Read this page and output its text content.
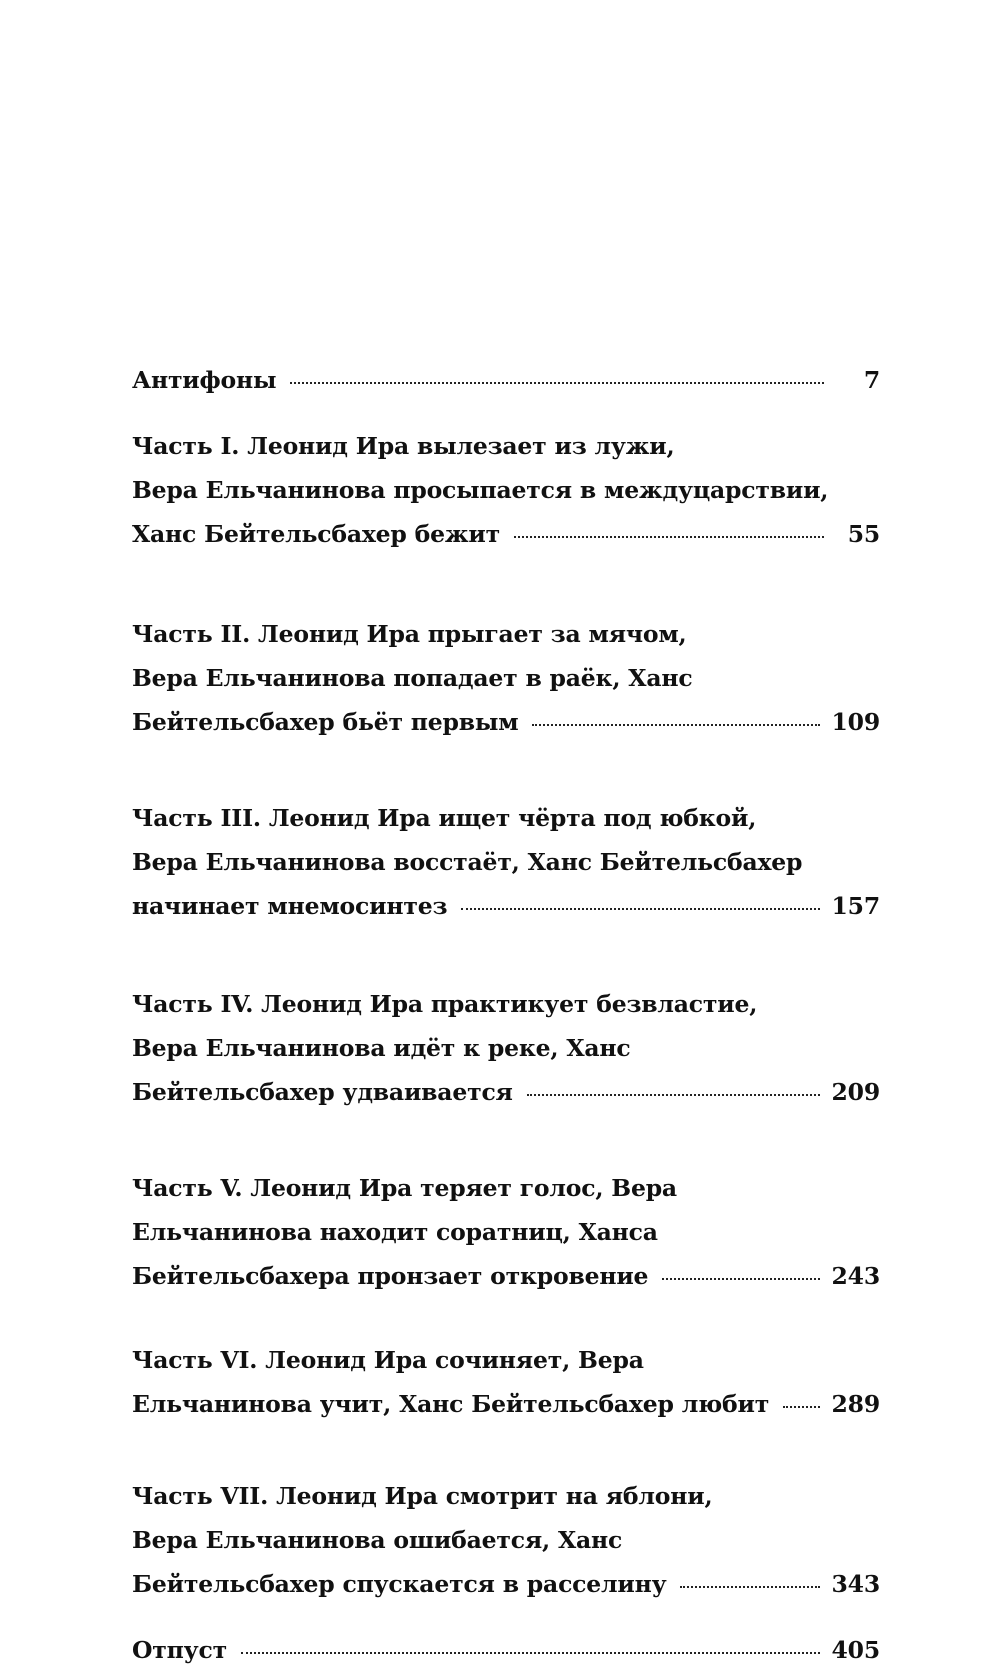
Антифоны	7
Часть I. Леонид Ира вылезает из лужи,
Вера Ельчанинова просыпается в междуцарствии,
Ханс Бейтельсбахер бежит	55
Часть II. Леонид Ира прыгает за мячом,
Вера Ельчанинова попадает в раёк, Ханс
Бейтельсбахер бьёт первым	109
Часть III. Леонид Ира ищет чёрта под юбкой,
Вера Ельчанинова восстаёт, Ханс Бейтельсбахер
начинает мнемосинтез	157
Часть IV. Леонид Ира практикует безвластие,
Вера Ельчанинова идёт к реке, Ханс
Бейтельсбахер удваивается	209
Часть V. Леонид Ира теряет голос, Вера
Ельчанинова находит соратниц, Ханса
Бейтельсбахера пронзает откровение	243
Часть VI. Леонид Ира сочиняет, Вера
Ельчанинова учит, Ханс Бейтельсбахер любит	289
Часть VII. Леонид Ира смотрит на яблони,
Вера Ельчанинова ошибается, Ханс
Бейтельсбахер спускается в расселину	343
Отпуст	405
